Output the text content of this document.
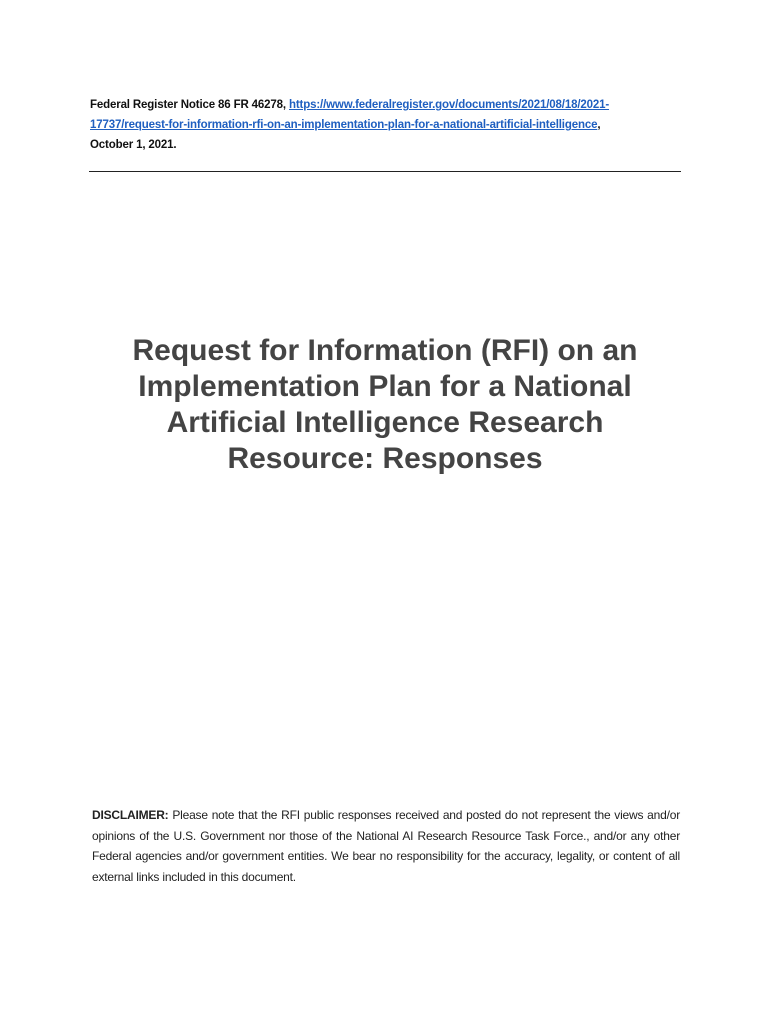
Federal Register Notice 86 FR 46278, https://www.federalregister.gov/documents/2021/08/18/2021-
17737/request-for-information-rfi-on-an-implementation-plan-for-a-national-artificial-intelligence,
October 1, 2021.
Request for Information (RFI) on an
Implementation Plan for a National
Artificial Intelligence Research
Resource: Responses
DISCLAIMER: Please note that the RFI public responses received and posted do not represent the views and/or opinions of the U.S. Government nor those of the National AI Research Resource Task Force., and/or any other Federal agencies and/or government entities. We bear no responsibility for the accuracy, legality, or content of all external links included in this document.
